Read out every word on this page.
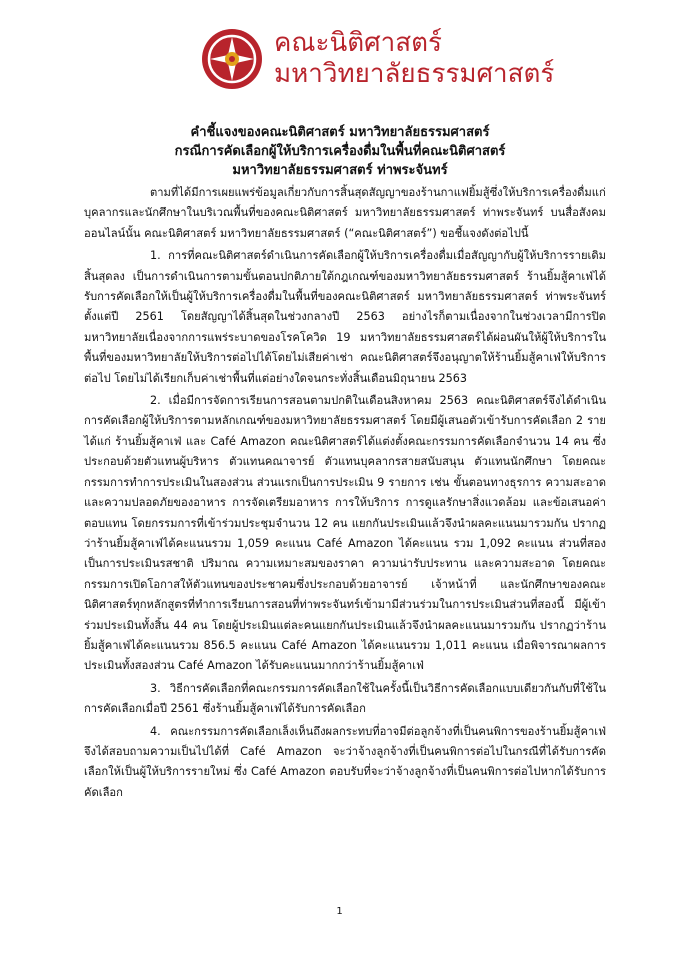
คณะนิติศาสตร์
มหาวิทยาลัยธรรมศาสตร์
คำชี้แจงของคณะนิติศาสตร์ มหาวิทยาลัยธรรมศาสตร์
กรณีการคัดเลือกผู้ให้บริการเครื่องดื่มในพื้นที่คณะนิติศาสตร์
มหาวิทยาลัยธรรมศาสตร์ ท่าพระจันทร์

ตามที่ได้มีการเผยแพร่ข้อมูลเกี่ยวกับการสิ้นสุดสัญญาของร้านกาแฟยิ้มสู้ซึ่งให้บริการเครื่องดื่มแก่บุคลากรและนักศึกษาในบริเวณพื้นที่ของคณะนิติศาสตร์ มหาวิทยาลัยธรรมศาสตร์ ท่าพระจันทร์ บนสื่อสังคมออนไลน์นั้น คณะนิติศาสตร์ มหาวิทยาลัยธรรมศาสตร์ (“คณะนิติศาสตร์”) ขอชี้แจงดังต่อไปนี้

1. การที่คณะนิติศาสตร์ดำเนินการคัดเลือกผู้ให้บริการเครื่องดื่มเมื่อสัญญากับผู้ให้บริการรายเดิมสิ้นสุดลง เป็นการดำเนินการตามขั้นตอนปกติภายใต้กฎเกณฑ์ของมหาวิทยาลัยธรรมศาสตร์ ร้านยิ้มสู้คาเฟ่ได้รับการคัดเลือกให้เป็นผู้ให้บริการเครื่องดื่มในพื้นที่ของคณะนิติศาสตร์ มหาวิทยาลัยธรรมศาสตร์ ท่าพระจันทร์ ตั้งแต่ปี 2561 โดยสัญญาได้สิ้นสุดในช่วงกลางปี 2563 อย่างไรก็ตามเนื่องจากในช่วงเวลามีการปิดมหาวิทยาลัยเนื่องจากการแพร่ระบาดของโรคโควิด 19 มหาวิทยาลัยธรรมศาสตร์ได้ผ่อนผันให้ผู้ให้บริการในพื้นที่ของมหาวิทยาลัยให้บริการต่อไปได้โดยไม่เสียค่าเช่า คณะนิติศาสตร์จึงอนุญาตให้ร้านยิ้มสู้คาเฟ่ให้บริการต่อไป โดยไม่ได้เรียกเก็บค่าเช่าพื้นที่แต่อย่างใดจนกระทั่งสิ้นเดือนมิถุนายน 2563

2. เมื่อมีการจัดการเรียนการสอนตามปกติในเดือนสิงหาคม 2563 คณะนิติศาสตร์จึงได้ดำเนินการคัดเลือกผู้ให้บริการตามหลักเกณฑ์ของมหาวิทยาลัยธรรมศาสตร์ โดยมีผู้เสนอตัวเข้ารับการคัดเลือก 2 ราย ได้แก่ ร้านยิ้มสู้คาเฟ่ และ Café Amazon คณะนิติศาสตร์ได้แต่งตั้งคณะกรรมการคัดเลือกจำนวน 14 คน ซึ่งประกอบด้วยตัวแทนผู้บริหาร ตัวแทนคณาจารย์ ตัวแทนบุคลากรสายสนับสนุน ตัวแทนนักศึกษา โดยคณะกรรมการทำการประเมินในสองส่วน ส่วนแรกเป็นการประเมิน 9 รายการ เช่น ขั้นตอนทางธุรการ ความสะอาดและความปลอดภัยของอาหาร การจัดเตรียมอาหาร การให้บริการ การดูแลรักษาสิ่งแวดล้อม และข้อเสนอค่าตอบแทน โดยกรรมการที่เข้าร่วมประชุมจำนวน 12 คน แยกกันประเมินแล้วจึงนำผลคะแนนมารวมกัน ปรากฏว่าร้านยิ้มสู้คาเฟ่ได้คะแนนรวม 1,059 คะแนน Café Amazon ได้คะแนน รวม 1,092 คะแนน ส่วนที่สองเป็นการประเมินรสชาติ ปริมาณ ความเหมาะสมของราคา ความน่ารับประทาน และความสะอาด โดยคณะกรรมการเปิดโอกาสให้ตัวแทนของประชาคมซึ่งประกอบด้วยอาจารย์ เจ้าหน้าที่ และนักศึกษาของคณะนิติศาสตร์ทุกหลักสูตรที่ทำการเรียนการสอนที่ท่าพระจันทร์เข้ามามีส่วนร่วมในการประเมินส่วนที่สองนี้ มีผู้เข้าร่วมประเมินทั้งสิ้น 44 คน โดยผู้ประเมินแต่ละคนแยกกันประเมินแล้วจึงนำผลคะแนนมารวมกัน ปรากฏว่าร้านยิ้มสู้คาเฟ่ได้คะแนนรวม 856.5 คะแนน Café Amazon ได้คะแนนรวม 1,011 คะแนน เมื่อพิจารณาผลการประเมินทั้งสองส่วน Café Amazon ได้รับคะแนนมากกว่าร้านยิ้มสู้คาเฟ่

3. วิธีการคัดเลือกที่คณะกรรมการคัดเลือกใช้ในครั้งนี้เป็นวิธีการคัดเลือกแบบเดียวกันกับที่ใช้ในการคัดเลือกเมื่อปี 2561 ซึ่งร้านยิ้มสู้คาเฟ่ได้รับการคัดเลือก

4. คณะกรรมการคัดเลือกเล็งเห็นถึงผลกระทบที่อาจมีต่อลูกจ้างที่เป็นคนพิการของร้านยิ้มสู้คาเฟ่จึงได้สอบถามความเป็นไปได้ที่ Café Amazon จะว่าจ้างลูกจ้างที่เป็นคนพิการต่อไปในกรณีที่ได้รับการคัดเลือกให้เป็นผู้ให้บริการรายใหม่ ซึ่ง Café Amazon ตอบรับที่จะว่าจ้างลูกจ้างที่เป็นคนพิการต่อไปหากได้รับการคัดเลือก

1
